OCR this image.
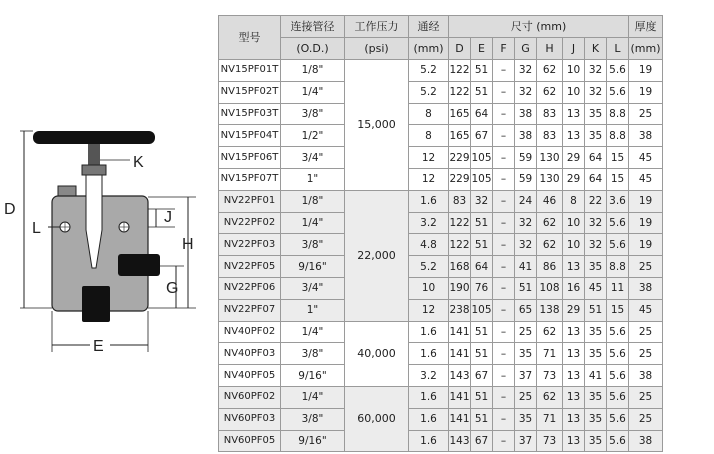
D
K
L
J
H
G
E
型号	连接管径	工作压力	通经	尺寸 (mm)								厚度
	(O.D.)	(psi)	(mm)	D	E	F	G	H	J	K	L	(mm)
NV15PF01T	1/8"	15,000	5.2	122	51	–	32	62	10	32	5.6	19
NV15PF02T	1/4"		5.2	122	51	–	32	62	10	32	5.6	19
NV15PF03T	3/8"		8	165	64	–	38	83	13	35	8.8	25
NV15PF04T	1/2"		8	165	67	–	38	83	13	35	8.8	38
NV15PF06T	3/4"		12	229	105	–	59	130	29	64	15	45
NV15PF07T	1"		12	229	105	–	59	130	29	64	15	45
NV22PF01	1/8"	22,000	1.6	83	32	–	24	46	8	22	3.6	19
NV22PF02	1/4"		3.2	122	51	–	32	62	10	32	5.6	19
NV22PF03	3/8"		4.8	122	51	–	32	62	10	32	5.6	19
NV22PF05	9/16"		5.2	168	64	–	41	86	13	35	8.8	25
NV22PF06	3/4"		10	190	76	–	51	108	16	45	11	38
NV22PF07	1"		12	238	105	–	65	138	29	51	15	45
NV40PF02	1/4"	40,000	1.6	141	51	–	25	62	13	35	5.6	25
NV40PF03	3/8"		1.6	141	51	–	35	71	13	35	5.6	25
NV40PF05	9/16"		3.2	143	67	–	37	73	13	41	5.6	38
NV60PF02	1/4"	60,000	1.6	141	51	–	25	62	13	35	5.6	25
NV60PF03	3/8"		1.6	141	51	–	35	71	13	35	5.6	25
NV60PF05	9/16"		1.6	143	67	–	37	73	13	35	5.6	38
